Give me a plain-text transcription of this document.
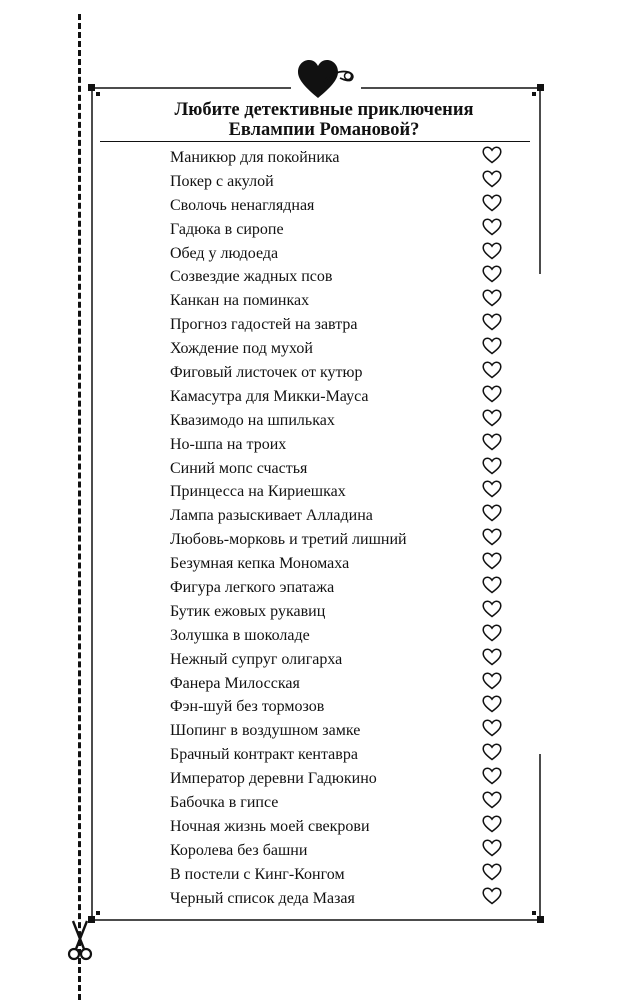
Любите детективные приключения
Евлампии Романовой?
Маникюр для покойника
Покер с акулой
Сволочь ненаглядная
Гадюка в сиропе
Обед у людоеда
Созвездие жадных псов
Канкан на поминках
Прогноз гадостей на завтра
Хождение под мухой
Фиговый листочек от кутюр
Камасутра для Микки-Мауса
Квазимодо на шпильках
Но-шпа на троих
Синий мопс счастья
Принцесса на Кириешках
Лампа разыскивает Алладина
Любовь-морковь и третий лишний
Безумная кепка Мономаха
Фигура легкого эпатажа
Бутик ежовых рукавиц
Золушка в шоколаде
Нежный супруг олигарха
Фанера Милосская
Фэн-шуй без тормозов
Шопинг в воздушном замке
Брачный контракт кентавра
Император деревни Гадюкино
Бабочка в гипсе
Ночная жизнь моей свекрови
Королева без башни
В постели с Кинг-Конгом
Черный список деда Мазая
